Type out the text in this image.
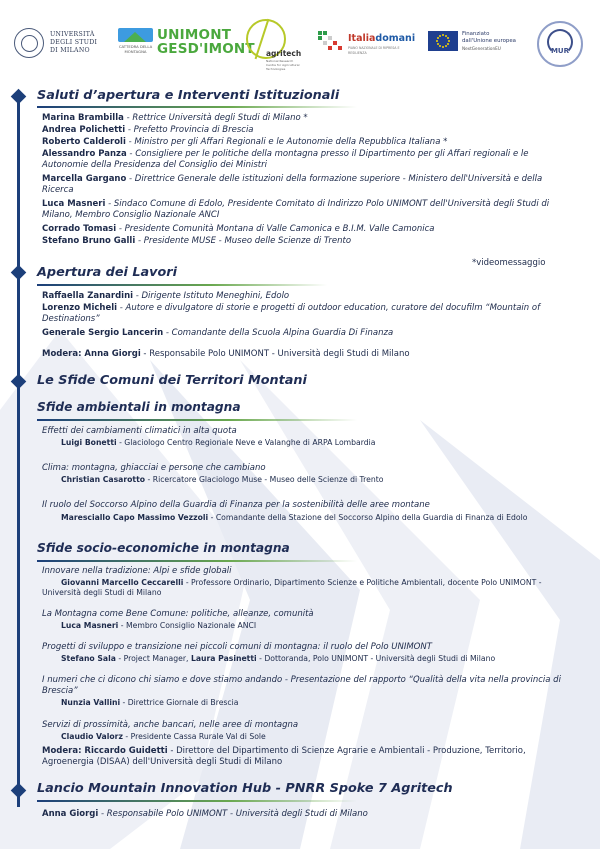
UNIVERSITÀ
DEGLI STUDI
DI MILANO
CATTEDRA DELLA MONTAGNA
UNIMONT
GESD'IMONT agritech
National Research Centre for Agricultural Technologies
Italiadomani
PIANO NAZIONALE DI RIPRESA E RESILIENZA
Finanziato
dall'Unione europea
NextGenerationEU	MUR
Saluti d’apertura e Interventi Istituzionali
Marina Brambilla - Rettrice Università degli Studi di Milano *
Andrea Polichetti - Prefetto Provincia di Brescia
Roberto Calderoli - Ministro per gli Affari Regionali e le Autonomie della Repubblica Italiana *
Alessandro Panza - Consigliere per le politiche della montagna presso il Dipartimento per gli Affari regionali e le Autonomie della Presidenza del Consiglio dei Ministri
Marcella Gargano - Direttrice Generale delle istituzioni della formazione superiore - Ministero dell'Università e della Ricerca
Luca Masneri - Sindaco Comune di Edolo, Presidente Comitato di Indirizzo Polo UNIMONT dell'Università degli Studi di Milano, Membro Consiglio Nazionale ANCI
Corrado Tomasi - Presidente Comunità Montana di Valle Camonica e B.I.M. Valle Camonica
Stefano Bruno Galli - Presidente MUSE - Museo delle Scienze di Trento
*videomessaggio
Apertura dei Lavori
Raffaella Zanardini - Dirigente Istituto Meneghini, Edolo
Lorenzo Micheli - Autore e divulgatore di storie e progetti di outdoor education, curatore del docufilm “Mountain of Destinations”
Generale Sergio Lancerin - Comandante della Scuola Alpina Guardia Di Finanza
Modera: Anna Giorgi - Responsabile Polo UNIMONT - Università degli Studi di Milano
Le Sfide Comuni dei Territori Montani
Sfide ambientali in montagna
Effetti dei cambiamenti climatici in alta quota
Luigi Bonetti - Glaciologo Centro Regionale Neve e Valanghe di ARPA Lombardia
Clima: montagna, ghiacciai e persone che cambiano
Christian Casarotto - Ricercatore Glaciologo Muse - Museo delle Scienze di Trento
Il ruolo del Soccorso Alpino della Guardia di Finanza per la sostenibilità delle aree montane
Maresciallo Capo Massimo Vezzoli - Comandante della Stazione del Soccorso Alpino della Guardia di Finanza di Edolo
Sfide socio-economiche in montagna
Innovare nella tradizione: Alpi e sfide globali
Giovanni Marcello Ceccarelli - Professore Ordinario, Dipartimento Scienze e Politiche Ambientali, docente Polo UNIMONT - Università degli Studi di Milano
La Montagna come Bene Comune: politiche, alleanze, comunità
Luca Masneri - Membro Consiglio Nazionale ANCI
Progetti di sviluppo e transizione nei piccoli comuni di montagna: il ruolo del Polo UNIMONT
Stefano Sala - Project Manager, Laura Pasinetti - Dottoranda, Polo UNIMONT - Università degli Studi di Milano
I numeri che ci dicono chi siamo e dove stiamo andando - Presentazione del rapporto “Qualità della vita nella provincia di Brescia”
Nunzia Vallini - Direttrice Giornale di Brescia
Servizi di prossimità, anche bancari, nelle aree di montagna
Claudio Valorz - Presidente Cassa Rurale Val di Sole
Modera: Riccardo Guidetti - Direttore del Dipartimento di Scienze Agrarie e Ambientali - Produzione, Territorio, Agroenergia (DISAA) dell'Università degli Studi di Milano
Lancio Mountain Innovation Hub - PNRR Spoke 7 Agritech
Anna Giorgi - Responsabile Polo UNIMONT - Università degli Studi di Milano
